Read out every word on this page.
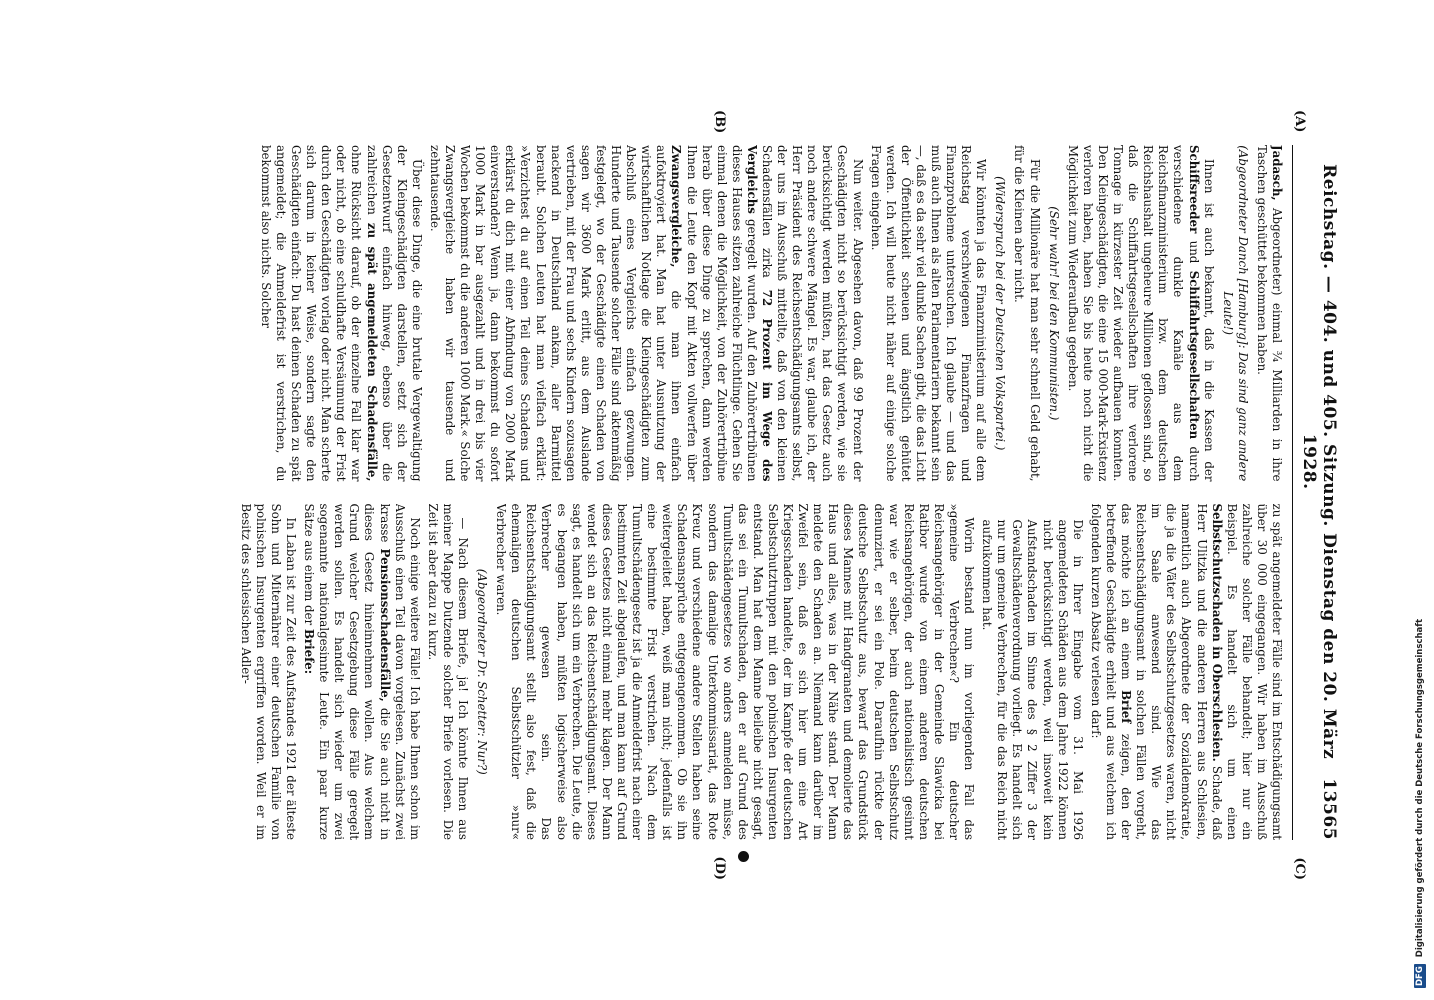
DFG Digitalisierung gefördert durch die Deutsche Forschungsgemeinschaft
Reichstag. — 404. und 405. Sitzung. Dienstag den 20. März 1928.
13565
(A)
(B)
(C)
(D)

Jadasch, Abgeordneter) einmal ¾ Milliarden in ihre Taschen geschüttet bekommen haben.

(Abgeordneter Danch [Hamburg]: Das sind ganz andere Leute!)

Ihnen ist auch bekannt, daß in die Kassen der Schiffsreeder und Schiffahrtsgesellschaften durch verschiedene dunkle Kanäle aus dem Reichsfinanzministerium bzw. dem deutschen Reichshaushalt ungeheure Millionen geflossen sind, so daß die Schiffahrtsgesellschaften ihre verlorene Tonnage in kürzester Zeit wieder aufbauen konnten. Den Kleingeschädigten, die eine 15 000-Mark-Existenz verloren haben, haben Sie bis heute noch nicht die Möglichkeit zum Wiederaufbau gegeben.

(Sehr wahr! bei den Kommunisten.)

Für die Millionäre hat man sehr schnell Geld gehabt, für die Kleinen aber nicht.

(Widerspruch bei der Deutschen Volkspartei.)

Wir könnten ja das Finanzministerium auf alle dem Reichstag verschwiegenen Finanzfragen und Finanzprobleme untersuchen. Ich glaube — und das muß auch Ihnen als alten Parlamentariern bekannt sein —, daß es da sehr viel dunkle Sachen gibt, die das Licht der Öffentlichkeit scheuen und ängstlich gehütet werden. Ich will heute nicht näher auf einige solche Fragen eingehen.

Nun weiter. Abgesehen davon, daß 99 Prozent der Geschädigten nicht so berücksichtigt werden, wie sie berücksichtigt werden müßten, hat das Gesetz auch noch andere schwere Mängel. Es war, glaube ich, der Herr Präsident des Reichsentschädigungsamts selbst, der uns im Ausschuß mitteilte, daß von den kleinen Schadensfällen zirka 72 Prozent im Wege des Vergleichs geregelt wurden. Auf den Zuhörertribünen dieses Hauses sitzen zahlreiche Flüchtlinge. Gehen Sie einmal denen die Möglichkeit, von der Zuhörertribüne herab über diese Dinge zu sprechen, dann werden Ihnen die Leute den Kopf mit Akten vollwerfen über Zwangsvergleiche, die man ihnen einfach aufoktroyiert hat. Man hat unter Ausnutzung der wirtschaftlichen Notlage die Kleingeschädigten zum Abschluß eines Vergleichs einfach gezwungen. Hunderte und Tausende solcher Fälle sind aktenmäßig festgelegt, wo der Geschädigte einen Schaden von sagen wir 3600 Mark erlitt, aus dem Auslande vertrieben, mit der Frau und sechs Kindern sozusagen nackend in Deutschland ankam, aller Barmittel beraubt. Solchen Leuten hat man vielfach erklärt: »Verzichtest du auf einen Teil deines Schadens und erklärst du dich mit einer Abfindung von 2000 Mark einverstanden? Wenn ja, dann bekommst du sofort 1000 Mark in bar ausgezahlt und in drei bis vier Wochen bekommst du die anderen 1000 Mark.« Solche Zwangsvergleiche haben wir tausende und zehntausende.

Über diese Dinge, die eine brutale Vergewaltigung der Kleingeschädigten darstellen, setzt sich der Gesetzentwurf einfach hinweg, ebenso über die zahlreichen zu spät angemeldeten Schadensfälle, ohne Rücksicht darauf, ob der einzelne Fall klar war oder nicht, ob eine schuldhafte Versäumung der Frist durch den Geschädigten vorlag oder nicht. Man scherte sich darum in keiner Weise, sondern sagte den Geschädigten einfach: Du hast deinen Schaden zu spät angemeldet; die Anmeldefrist ist verstrichen, du bekommst also nichts. Solcher

zu spät angemeldeter Fälle sind im Entschädigungsamt über 30 000 eingegangen. Wir haben im Ausschuß zahlreiche solcher Fälle behandelt; hier nur ein Beispiel. Es handelt sich um einen Selbstschutzschaden in Oberschlesien. Schade, daß Herr Ulitzka und die anderen Herren aus Schlesien, namentlich auch Abgeordnete der Sozialdemokratie, die ja die Väter des Selbstschutzgesetzes waren, nicht im Saale anwesend sind. Wie das Reichsentschädigungsamt in solchen Fällen vorgeht, das möchte ich an einem Brief zeigen, den der betreffende Geschädigte erhielt und aus welchem ich folgenden kurzen Absatz verlesen darf:

Die in Ihrer Eingabe vom 31. Mai 1926 angemeldeten Schäden aus dem Jahre 1922 können nicht berücksichtigt werden, weil insoweit kein Aufstandschaden im Sinne des § 2 Ziffer 3 der Gewaltschädenverordnung vorliegt. Es handelt sich nur um gemeine Verbrechen, für die das Reich nicht aufzukommen hat.

Worin bestand nun im vorliegenden Fall das »gemeine Verbrechen«? Ein deutscher Reichsangehöriger in der Gemeinde Slawicka bei Ratibor wurde von einem anderen deutschen Reichsangehörigen, der auch nationalistisch gesinnt war wie er selber, beim deutschen Selbstschutz denunziert, er sei ein Pole. Daraufhin rückte der deutsche Selbstschutz aus, bewarf das Grundstück dieses Mannes mit Handgranaten und demolierte das Haus und alles, was in der Nähe stand. Der Mann meldete den Schaden an. Niemand kann darüber im Zweifel sein, daß es sich hier um eine Art Kriegsschaden handelte, der im Kampfe der deutschen Selbstschutztruppen mit den polnischen Insurgenten entstand. Man hat dem Manne beileibe nicht gesagt, das sei ein Tumultschaden, den er auf Grund des Tumultschädengesetzes wo anders anmelden müsse, sondern das damalige Unterkommissariat, das Rote Kreuz und verschiedene andere Stellen haben seine Schadensansprüche entgegengenommen. Ob sie ihn weitergeleitet haben, weiß man nicht; jedenfalls ist eine bestimmte Frist verstrichen. Nach dem Tumultschädengesetz ist ja die Anmeldefrist nach einer bestimmten Zeit abgelaufen, und man kann auf Grund dieses Gesetzes nicht einmal mehr klagen. Der Mann wendet sich an das Reichsentschädigungsamt. Dieses sagt, es handelt sich um ein Verbrechen. Die Leute, die es begangen haben, müßten logischerweise also Verbrecher gewesen sein. Das Reichsentschädigungsamt stellt also fest, daß die ehemaligen deutschen Selbstschützler »nur« Verbrecher waren.

(Abgeordneter Dr. Schetter: Nur?)

— Nach diesem Briefe, ja! Ich könnte Ihnen aus meiner Mappe Dutzende solcher Briefe vorlesen. Die Zeit ist aber dazu zu kurz.

Noch einige weitere Fälle! Ich habe Ihnen schon im Ausschuß einen Teil davon vorgelesen. Zunächst zwei krasse Pensionsschadensfälle, die Sie auch nicht in dieses Gesetz hineinnehmen wollen. Aus welchem Grund welcher Gesetzgebung diese Fälle geregelt werden sollen. Es handelt sich wieder um zwei sogenannte nationalgesinnte Leute. Ein paar kurze Sätze aus einem der Briefe:

In Laban ist zur Zeit des Aufstandes 1921 der älteste Sohn und Miternährer einer deutschen Familie von polnischen Insurgenten ergriffen worden. Weil er im Besitz des schlesischen Adler-
